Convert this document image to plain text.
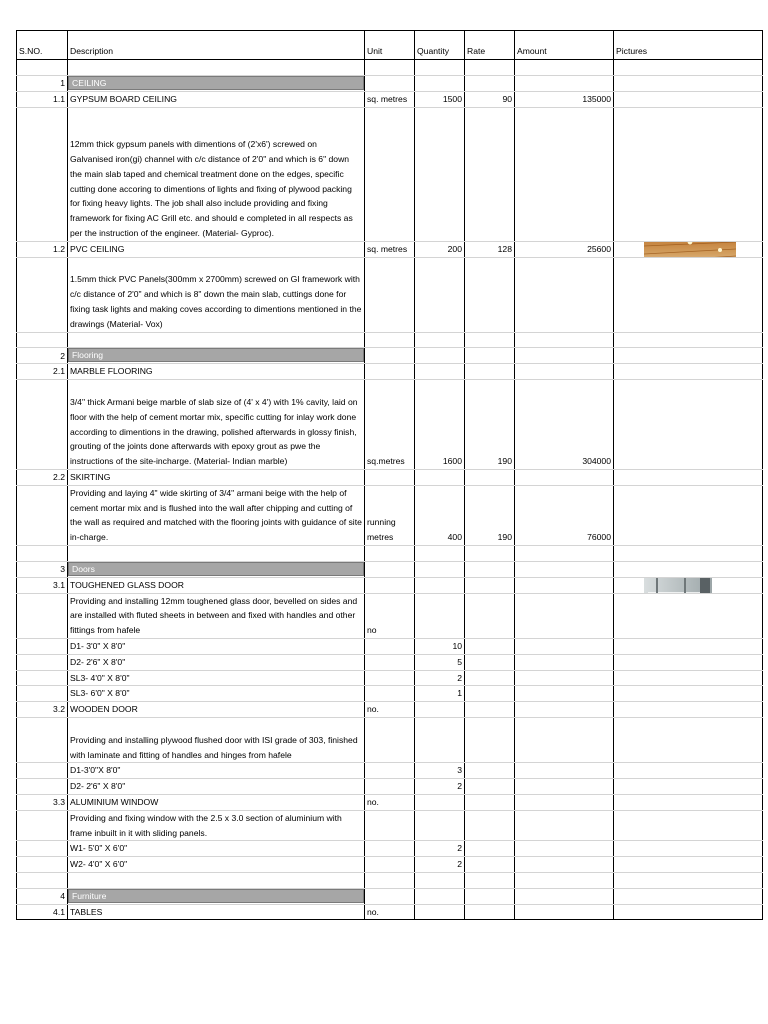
S.NO.	Description	Unit	Quantity	Rate	Amount	Pictures

1	CEILING					

1.1	GYPSUM BOARD CEILING	sq. metres	1500	90	135000	
	12mm thick gypsum panels with dimentions of (2'x6') screwed on Galvanised iron(gi) channel with c/c distance of 2'0" and which is 6" down the main slab taped and chemical treatment done on the edges, specific cutting done accoring to dimentions of lights and fixing of plywood packing for fixing heavy lights. The job shall also include providing and fixing framework for fixing AC Grill etc. and should e completed in all respects as per the instruction of the engineer. (Material- Gyproc).					

1.2	PVC CEILING	sq. metres	200	128	25600	

	1.5mm thick PVC Panels(300mm x 2700mm) screwed on GI framework with c/c distance of 2'0" and which is 8" down the main slab, cuttings done for fixing task lights and making coves according to dimentions mentioned in the drawings (Material- Vox)					

2	Flooring					

2.1	MARBLE FLOORING					
	3/4" thick Armani beige marble of slab size of (4' x 4') with 1% cavity, laid on floor with the help of cement mortar mix, specific cutting for inlay work done according to dimentions in the drawing, polished afterwards in glossy finish, grouting of the joints done afterwards with epoxy grout as pwe the instructions of the site-incharge. (Material- Indian marble)	sq.metres	1600	190	304000	

2.2	SKIRTING					
	Providing and laying 4" wide skirting of 3/4" armani beige with the help of cement mortar mix and is flushed into the wall after chipping and cutting of the wall as required and matched with the flooring joints with guidance of site in-charge.	running metres	400	190	76000	

3	Doors					

3.1	TOUGHENED GLASS DOOR					

	Providing and installing 12mm toughened glass door, bevelled on sides and are installed with fluted sheets in between and fixed with handles and other fittings from hafele	no				
	D1- 3'0" X 8'0"		10			
	D2- 2'6" X 8'0"		5			
	SL3- 4'0" X 8'0"		2			
	SL3- 6'0" X 8'0"		1			
3.2	WOODEN DOOR	no.				
	Providing and installing plywood flushed door with ISI grade of 303, finished with laminate and fitting of handles and hinges from hafele					
	D1-3'0"X 8'0"		3			
	D2- 2'6" X 8'0"		2			
3.3	ALUMINIUM WINDOW	no.				
	Providing and fixing window with the 2.5 x 3.0 section of aluminium with frame inbuilt in it with sliding panels.					
	W1- 5'0" X 6'0"		2			
	W2- 4'0" X 6'0"		2			

4	Furniture					

4.1	TABLES	no.				
